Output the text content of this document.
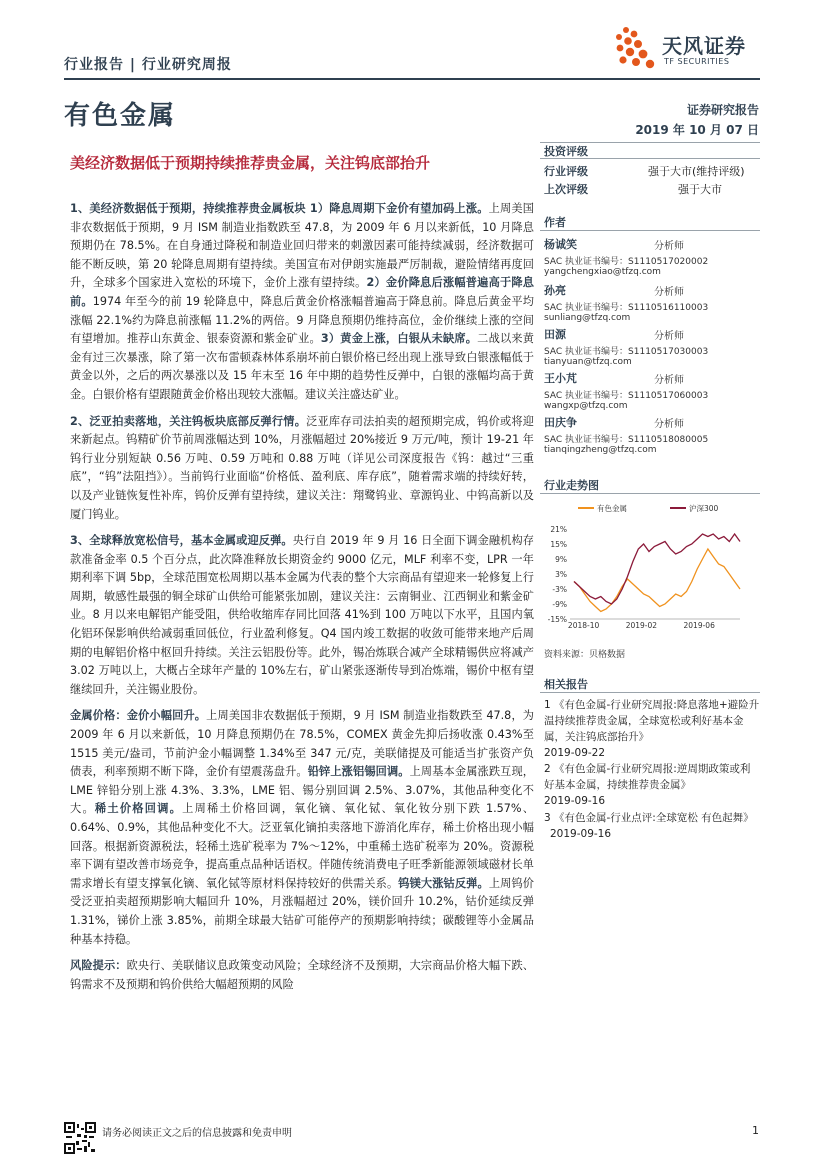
行业报告 | 行业研究周报
天风证券
TF SECURITIES
有色金属	证券研究报告
2019 年 10 月 07 日
美经济数据低于预期持续推荐贵金属，关注钨底部抬升
投资评级
行业评级	强于大市(维持评级)
上次评级	强于大市
作者
杨诚笑	分析师
SAC 执业证书编号：S1110517020002
yangchengxiao@tfzq.com
孙亮	分析师
SAC 执业证书编号：S1110516110003
sunliang@tfzq.com
田源	分析师
SAC 执业证书编号：S1110517030003
tianyuan@tfzq.com
王小芃	分析师
SAC 执业证书编号：S1110517060003
wangxp@tfzq.com
田庆争	分析师
SAC 执业证书编号：S1110518080005
tianqingzheng@tfzq.com
行业走势图
有色金属	沪深300
21%
15%
9%
3%
-3%
-9%
-15%
2018-10	2019-02	2019-06
资料来源：贝格数据
相关报告
1 《有色金属-行业研究周报:降息落地+避险升温持续推荐贵金属，全球宽松或利好基本金属，关注钨底部抬升》
2019-09-22
2 《有色金属-行业研究周报:逆周期政策或利好基本金属，持续推荐贵金属》
2019-09-16
3 《有色金属-行业点评:全球宽松 有色起舞》 2019-09-16

1、美经济数据低于预期，持续推荐贵金属板块 1）降息周期下金价有望加码上涨。上周美国非农数据低于预期，9 月 ISM 制造业指数跌至 47.8，为 2009 年 6 月以来新低，10 月降息预期仍在 78.5%。在自身通过降税和制造业回归带来的刺激因素可能持续减弱，经济数据可能不断反映，第 20 轮降息周期有望持续。美国宣布对伊朗实施最严厉制裁，避险情绪再度回升，全球多个国家进入宽松的环境下，金价上涨有望持续。2）金价降息后涨幅普遍高于降息前。1974 年至今的前 19 轮降息中，降息后黄金价格涨幅普遍高于降息前。降息后黄金平均涨幅 22.1%约为降息前涨幅 11.2%的两倍。9 月降息预期仍维持高位，金价继续上涨的空间有望增加。推荐山东黄金、银泰资源和紫金矿业。3）黄金上涨，白银从未缺席。二战以来黄金有过三次暴涨，除了第一次布雷顿森林体系崩坏前白银价格已经出现上涨导致白银涨幅低于黄金以外，之后的两次暴涨以及 15 年末至 16 年中期的趋势性反弹中，白银的涨幅均高于黄金。白银价格有望跟随黄金价格出现较大涨幅。建议关注盛达矿业。

2、泛亚拍卖落地，关注钨板块底部反弹行情。泛亚库存司法拍卖的超预期完成，钨价或将迎来新起点。钨精矿价节前周涨幅达到 10%，月涨幅超过 20%接近 9 万元/吨，预计 19-21 年钨行业分别短缺 0.56 万吨、0.59 万吨和 0.88 万吨（详见公司深度报告《钨：越过“三重底”，“钨”法阻挡》）。当前钨行业面临“价格低、盈利底、库存底”，随着需求端的持续好转，以及产业链恢复性补库，钨价反弹有望持续，建议关注：翔鹭钨业、章源钨业、中钨高新以及厦门钨业。

3、全球释放宽松信号，基本金属或迎反弹。央行自 2019 年 9 月 16 日全面下调金融机构存款准备金率 0.5 个百分点，此次降准释放长期资金约 9000 亿元，MLF 利率不变，LPR 一年期利率下调 5bp，全球范围宽松周期以基本金属为代表的整个大宗商品有望迎来一轮修复上行周期，敏感性最强的铜全球矿山供给可能紧张加剧，建议关注：云南铜业、江西铜业和紫金矿业。8 月以来电解铝产能受阻，供给收缩库存同比回落 41%到 100 万吨以下水平，且国内氧化铝环保影响供给减弱重回低位，行业盈利修复。Q4 国内竣工数据的收敛可能带来地产后周期的电解铝价格中枢回升持续。关注云铝股份等。此外，锡冶炼联合减产全球精锡供应将减产 3.02 万吨以上，大概占全球年产量的 10%左右，矿山紧张逐渐传导到冶炼端，锡价中枢有望继续回升，关注锡业股份。

金属价格：金价小幅回升。上周美国非农数据低于预期，9 月 ISM 制造业指数跌至 47.8，为 2009 年 6 月以来新低，10 月降息预期仍在 78.5%，COMEX 黄金先抑后扬收涨 0.43%至 1515 美元/盎司，节前沪金小幅调整 1.34%至 347 元/克，美联储提及可能适当扩张资产负债表，利率预期不断下降，金价有望震荡盘升。铅锌上涨铝锡回调。上周基本金属涨跌互现，LME 锌铅分别上涨 4.3%、3.3%，LME 铝、锡分别回调 2.5%、3.07%，其他品种变化不大。稀土价格回调。上周稀土价格回调，氧化镝、氧化铽、氧化钕分别下跌 1.57%、0.64%、0.9%，其他品种变化不大。泛亚氧化镝拍卖落地下游消化库存，稀土价格出现小幅回落。根据新资源税法，轻稀土选矿税率为 7%～12%，中重稀土选矿税率为 20%。资源税率下调有望改善市场竞争，提高重点品种话语权。伴随传统消费电子旺季新能源领域磁材长单需求增长有望支撑氧化镝、氧化铽等原材料保持较好的供需关系。钨镁大涨钴反弹。上周钨价受泛亚拍卖超预期影响大幅回升 10%，月涨幅超过 20%，镁价回升 10.2%，钴价延续反弹 1.31%，锑价上涨 3.85%，前期全球最大钴矿可能停产的预期影响持续；碳酸锂等小金属品种基本持稳。

风险提示：欧央行、美联储议息政策变动风险；全球经济不及预期，大宗商品价格大幅下跌、钨需求不及预期和钨价供给大幅超预期的风险

请务必阅读正文之后的信息披露和免责申明	1
